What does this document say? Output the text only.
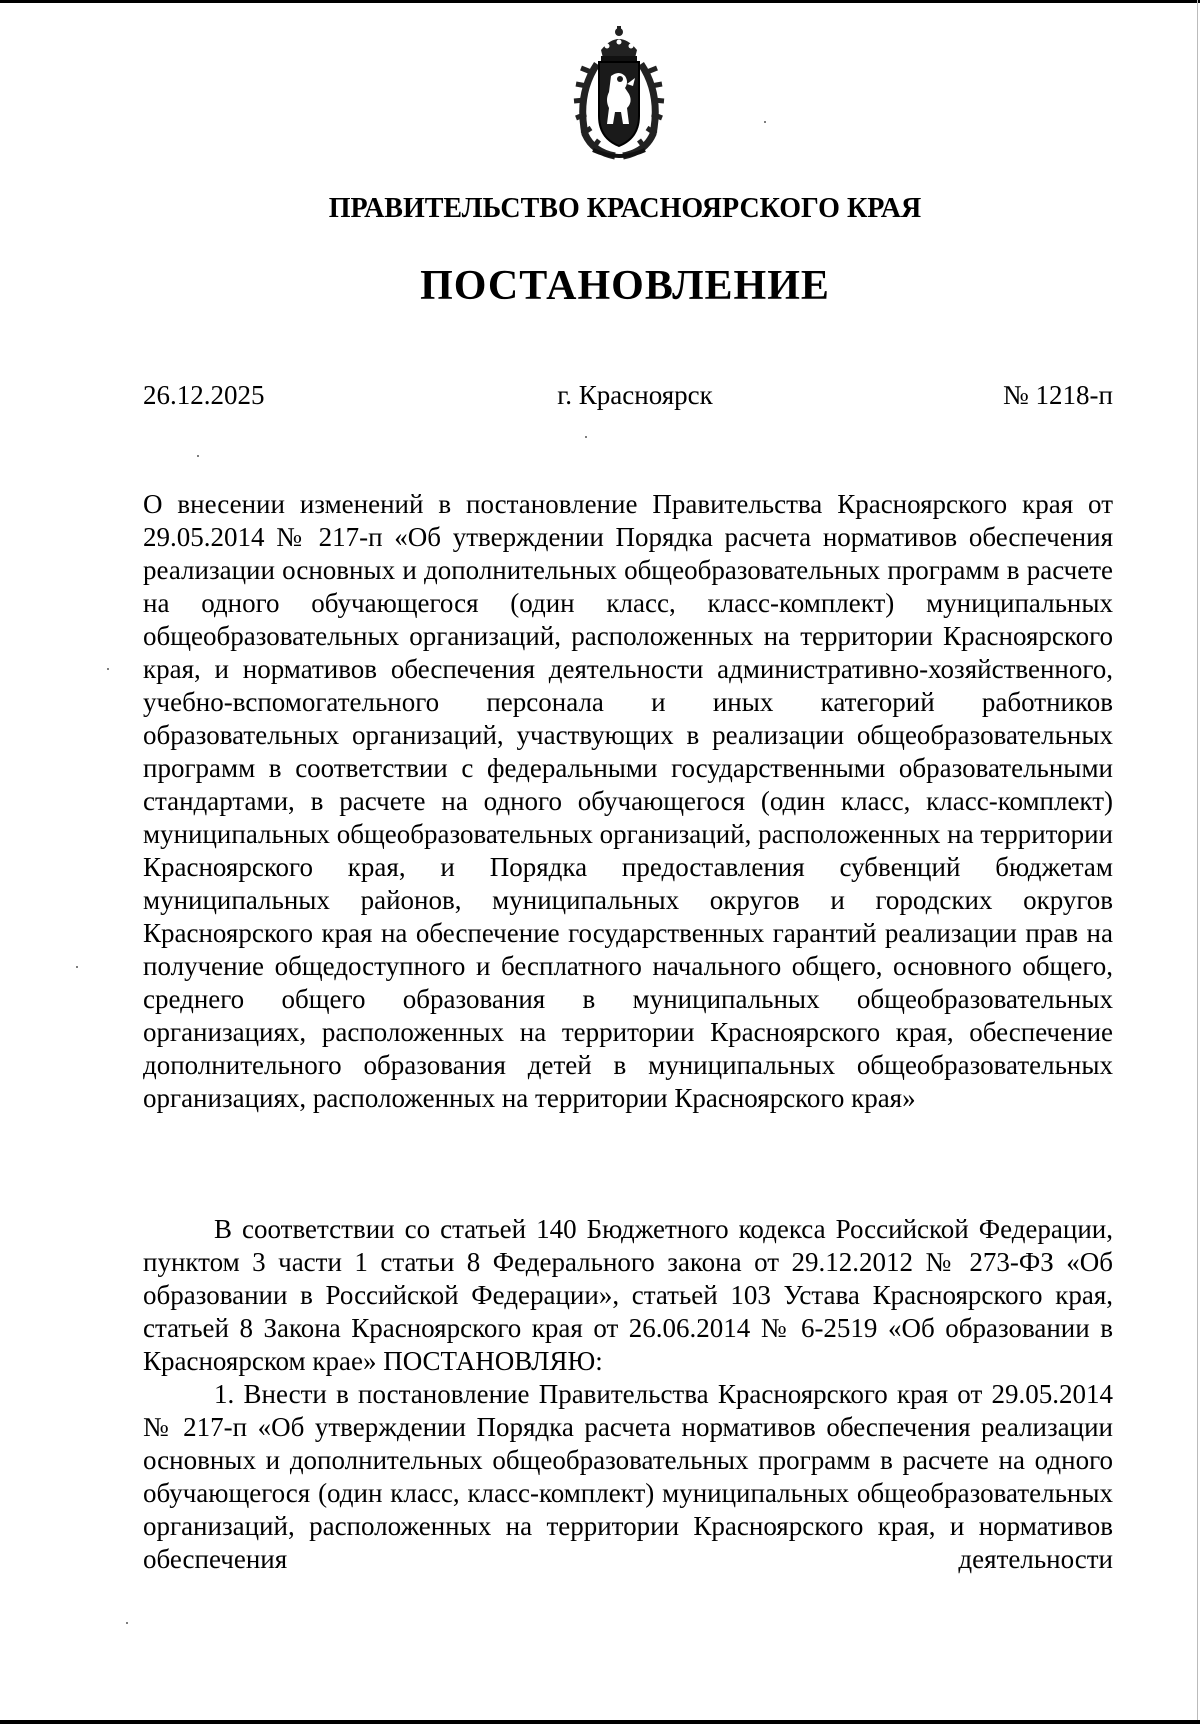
ПРАВИТЕЛЬСТВО КРАСНОЯРСКОГО КРАЯ
ПОСТАНОВЛЕНИЕ
26.12.2025	г. Красноярск	№ 1218-п

О внесении изменений в постановление Правительства Красноярского края от 29.05.2014 № 217-п «Об утверждении Порядка расчета нормативов обеспечения реализации основных и дополнительных общеобразовательных программ в расчете на одного обучающегося (один класс, класс-комплект) муниципальных общеобразовательных организаций, расположенных на территории Красноярского края, и нормативов обеспечения деятельности административно-хозяйственного, учебно-вспомогательного персонала и иных категорий работников образовательных организаций, участвующих в реализации общеобразовательных программ в соответствии с федеральными государственными образовательными стандартами, в расчете на одного обучающегося (один класс, класс-комплект) муниципальных общеобразовательных организаций, расположенных на территории Красноярского края, и Порядка предоставления субвенций бюджетам муниципальных районов, муниципальных округов и городских округов Красноярского края на обеспечение государственных гарантий реализации прав на получение общедоступного и бесплатного начального общего, основного общего, среднего общего образования в муниципальных общеобразовательных организациях, расположенных на территории Красноярского края, обеспечение дополнительного образования детей в муниципальных общеобразовательных организациях, расположенных на территории Красноярского края»

В соответствии со статьей 140 Бюджетного кодекса Российской Федерации, пунктом 3 части 1 статьи 8 Федерального закона от 29.12.2012 № 273-ФЗ «Об образовании в Российской Федерации», статьей 103 Устава Красноярского края, статьей 8 Закона Красноярского края от 26.06.2014 № 6-2519 «Об образовании в Красноярском крае» ПОСТАНОВЛЯЮ:

1. Внести в постановление Правительства Красноярского края от 29.05.2014 № 217-п «Об утверждении Порядка расчета нормативов обеспечения реализации основных и дополнительных общеобразовательных программ в расчете на одного обучающегося (один класс, класс-комплект) муниципальных общеобразовательных организаций, расположенных на территории Красноярского края, и нормативов обеспечения деятельности
